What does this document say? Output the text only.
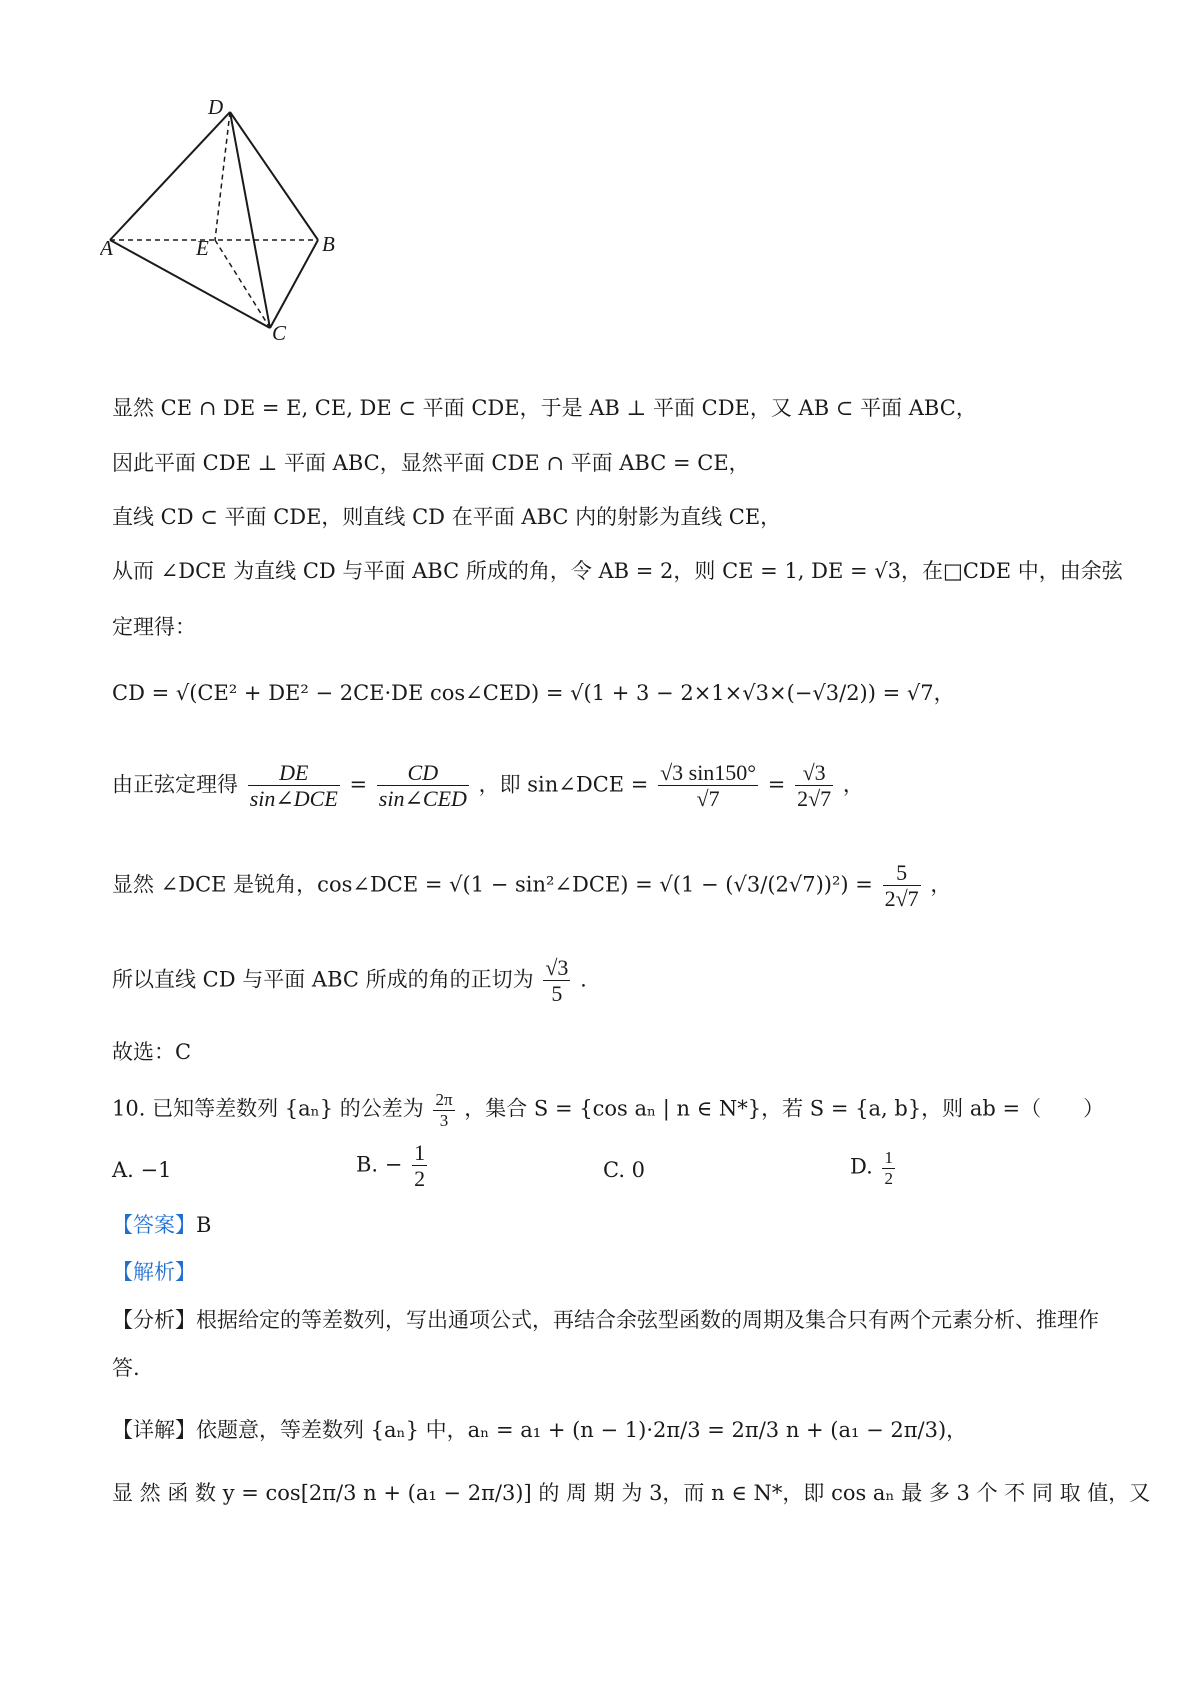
D
A	E	B
C
显然 CE ∩ DE = E, CE, DE ⊂ 平面 CDE，于是 AB ⊥ 平面 CDE，又 AB ⊂ 平面 ABC，
因此平面 CDE ⊥ 平面 ABC，显然平面 CDE ∩ 平面 ABC = CE，
直线 CD ⊂ 平面 CDE，则直线 CD 在平面 ABC 内的射影为直线 CE，
从而 ∠DCE 为直线 CD 与平面 ABC 所成的角，令 AB = 2，则 CE = 1, DE = √3，在□CDE 中，由余弦
定理得：
CD = √(CE² + DE² − 2CE·DE cos∠CED) = √(1 + 3 − 2×1×√3×(−√3/2)) = √7，
由正弦定理得 $\frac{DE}{\text{sin∠DCE}} = \frac{CD}{\text{sin∠CED}}$ ，即 sin∠DCE = $\frac{√3 \sin 150^\circ}{√7} = \frac{√3}{2√7}$ ，
显然 ∠DCE 是锐角，cos∠DCE = √(1 − sin²∠DCE) = $√(1 - (√3/(2√7))^2) = \frac{5}{2√7}$ ，
所以直线 CD 与平面 ABC 所成的角的正切为 $\frac{√3}{5}$ .
故选：C
10. 已知等差数列 {aₙ} 的公差为 $\frac{2\pi}{3}$ ，集合 S = {cos aₙ | n ∈ N*}，若 S = {a, b}，则 ab =（　　）
A. −1	B. − $\frac{1}{2}$	C. 0	D. $\frac{1}{2}$
【答案】B
【解析】
【分析】根据给定的等差数列，写出通项公式，再结合余弦型函数的周期及集合只有两个元素分析、推理作
答.
【详解】依题意，等差数列 {aₙ} 中，aₙ = a₁ + (n − 1)·2π/3 = 2π/3 n + (a₁ − 2π/3)，
显 然 函 数 y = cos[2π/3 n + (a₁ − 2π/3)] 的 周 期 为 3，而 n ∈ N*，即 cos aₙ 最 多 3 个 不 同 取 值，又
